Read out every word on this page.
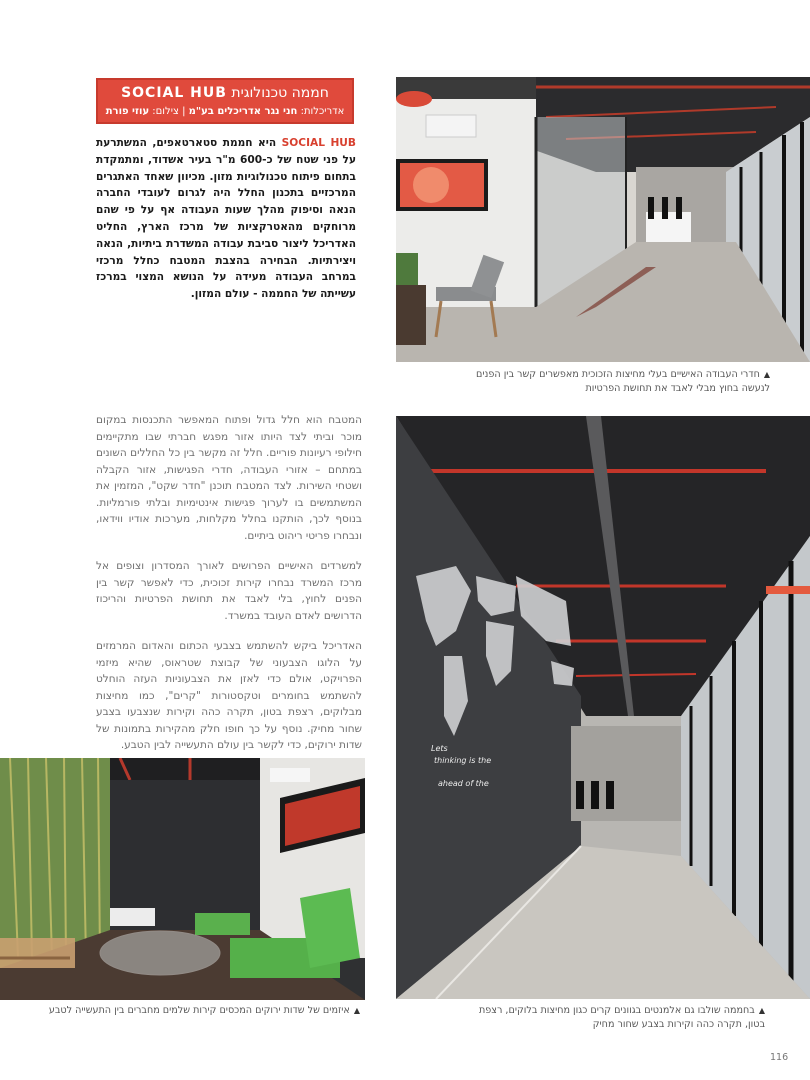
חממה טכנולוגית SOCIAL HUB
אדריכלות: חני נגר אדריכלים בע"מ | צילום: עוזי פורת
SOCIAL HUB היא חממת סטארטאפים, המשתרעת על פני שטח של כ-600 מ"ר בעיר אשדוד, ומתמקדת בתחום פיתוח טכנולוגיות מזון. מכיוון שאחד האתגרים המרכזיים בתכנון החלל היה לגרום לעובדי החברה הנאה וסיפוק מהלך שעות העבודה אף על פי שהם מרוחקים מהאטרקציות של מרכז הארץ, החליט האדריכל ליצור סביבת עבודה המשדרת ביתיות, הנאה ויצירתיות. הבחירה בהצבת המטבח כחלל מרכזי במרחב העבודה מעידה על הנושא המצוי במרכז עשייתה של החממה - עולם המזון.

המטבח הוא חלל גדול ופתוח המאפשר התכנסות במקום מוכר וביתי לצד היותו אזור מפגש חברתי שבו מתקיימים חילופי רעיונות פוריים. חלל זה מקשר בין כל החללים השונים במתחם – אזורי העבודה, חדרי הפגישות, אזור הקבלה ושטחי השירות. לצד המטבח תוכנן "חדר שקט", המזמין את המשתמשים בו לערוך פגישות אינטימיות ובלתי פורמליות. בנוסף לכך, הותקנו בחלל מקלחות, מערכות אודיו ווידאו, ונבחרו פריטי ריהוט ביתיים.

למשרדים האישיים הפרושים לאורך המסדרון וצופים אל מרכז המשרד נבחרו קירות זכוכית, כדי לאפשר קשר בין הפנים לחוץ, בלי לאבד את תחושת הפרטיות והריכוז הדרושים לאדם העובד במשרד.

האדריכל ביקש להשתמש בצבעי הכתום והאדום המרמזים על הלוגו הצבעוני של קבוצת שטראוס, שהיא מיזמי הפרויקט, אולם כדי לאזן את הצבעוניות העזה הוחלט להשתמש בחומרים וטקסטורות "קרים", כמו מחיצות מבלוקים, רצפת בטון, תקרה כהה וקירות שנצבעו בצבע שחור מחיק. נוסף על כך חופו חלק מהקירות בתמונות של שדות ירוקים, כדי לקשר בין עולם התעשייה לבין הטבע.

▲חדרי העבודה האישיים בעלי מחיצות הזכוכית מאפשרים קשר בין הפנים לנעשה בחוץ מבלי לאבד את תחושת הפרטיות
Lets
thinking is the
ahead of the
▲בחממה שולבו גם אלמנטים בגוונים קרים כגון מחיצות בלוקים, רצפת בטון, תקרה כהה וקירות בצבע שחור מחיק
▲איזמים של שדות ירוקים המכסים קירות שלמים מחברים בין התעשייה לטבע
116
